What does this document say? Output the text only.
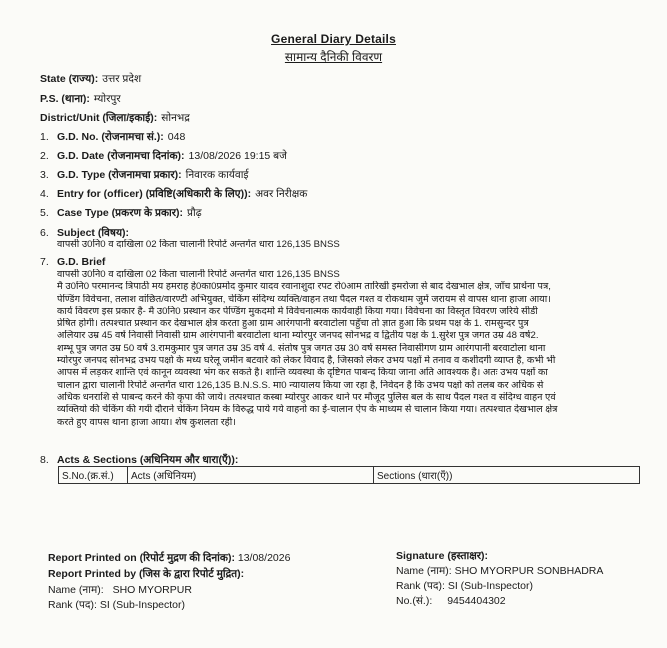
General Diary Details
सामान्य दैनिकी विवरण
State (राज्य): उत्तर प्रदेश
P.S. (थाना): म्योरपुर
District/Unit (जिला/इकाई): सोनभद्र
1. G.D. No. (रोजनामचा सं.): 048
2. G.D. Date (रोजनामचा दिनांक): 13/08/2026 19:15 बजे
3. G.D. Type (रोजनामचा प्रकार): निवारक कार्यवाई
4. Entry for (officer) (प्रविष्टि(अधिकारी के लिए)): अवर निरीक्षक
5. Case Type (प्रकरण के प्रकार): प्रौढ़
6. Subject (विषय):
वापसी उ0नि0 व दाखिला 02 किता चालानी रिपोर्ट अन्तर्गत धारा 126,135 BNSS
7. G.D. Brief
वापसी उ0नि0 व दाखिला 02 किता चालानी रिपोर्ट अन्तर्गत धारा 126,135 BNSS
मै उ0नि0 परमानन्द त्रिपाठी मय हमराह हे0का0प्रमोद कुमार यादव रवानाशुदा रपट रो0आम तारिखी इमरोजा से बाद देखभाल क्षेत्र, जाँच प्रार्थना पत्र,
पेण्डिंग विवेचना, तलाश वांछित/वारण्टी अभियुक्त, चेकिंग संदिग्ध व्यक्ति/वाहन तथा पैदल गश्त व रोकथाम जुर्म जरायम से वापस थाना हाजा आया।
कार्य विवरण इस प्रकार है- मै उ0नि0 प्रस्थान कर पेण्डिंग मुकदमो मे विवेचनात्मक कार्यवाही किया गया। विवेचना का विस्तृत विवरण जरिये सीडी
प्रेषित होगी। तत्पश्चात प्रस्थान कर देखभाल क्षेत्र करता हुआ ग्राम आरंगपानी बरवाटोला पहुँचा तो ज्ञात हुआ कि प्रथम पक्ष के 1. रामसुन्दर पुत्र
अलियार उम्र 45 वर्ष निवासी निवासी ग्राम आरंगपानी बरवाटोला थाना म्योरपुर जनपद सोनभद्र व द्वितीय पक्ष के 1.सुरेश पुत्र जगत उम्र 48 वर्ष2.
शम्भू पुत्र जगत उम्र 50 वर्ष 3.रामकुमार पुत्र जगत उम्र 35 वर्ष 4. संतोष पुत्र जगत उम्र 30 वर्ष समस्त निवासीगण ग्राम आरंगपानी बरवाटोला थाना
म्योरपुर जनपद सोनभद्र उभय पक्षो के मध्य घरेलू जमीन बटवारे को लेकर विवाद है, जिसको लेकर उभय पक्षों मे तनाव व कशीदगी व्याप्त है, कभी भी
आपस में लड़कर शान्ति एवं कानून व्यवस्था भंग कर सकते है। शान्ति व्यवस्था के दृष्टिगत पाबन्द किया जाना अति आवश्यक है। अतः उभय पक्षों का
चालान द्वारा चालानी रिपोर्ट अन्तर्गत धारा 126,135 B.N.S.S. मा0 न्यायालय किया जा रहा है, निवेदन है कि उभय पक्षो को तलब कर अधिक से
अधिक धनराशि से पाबन्द करने की कृपा की जाये। तत्पश्चात कस्बा म्योरपुर आकर थाने पर मौजूद पुलिस बल के साथ पैदल गश्त व संदिग्ध वाहन एवं
व्यक्तियो की चेकिंग की गयी दौराने चेकिंग नियम के विरुद्ध पाये गये वाहनो का ई-चालान ऐप के माध्यम से चालान किया गया। तत्पश्चात देखभाल क्षेत्र
करते हुए वापस थाना हाजा आया। शेष कुशलता रही।
8. Acts & Sections (अधिनियम और धारा(एँ)):
S.No.(क्र.सं.)	Acts (अधिनियम)	Sections (धारा(एँ))
Report Printed on (रिपोर्ट मुद्रण की दिनांक): 13/08/2026
Report Printed by (जिस के द्वारा रिपोर्ट मुद्रित):
Name (नाम): SHO MYORPUR
Rank (पद): SI (Sub-Inspector)
Signature (हस्ताक्षर):
Name (नाम): SHO MYORPUR SONBHADRA
Rank (पद): SI (Sub-Inspector)
No.(सं.): 9454404302
